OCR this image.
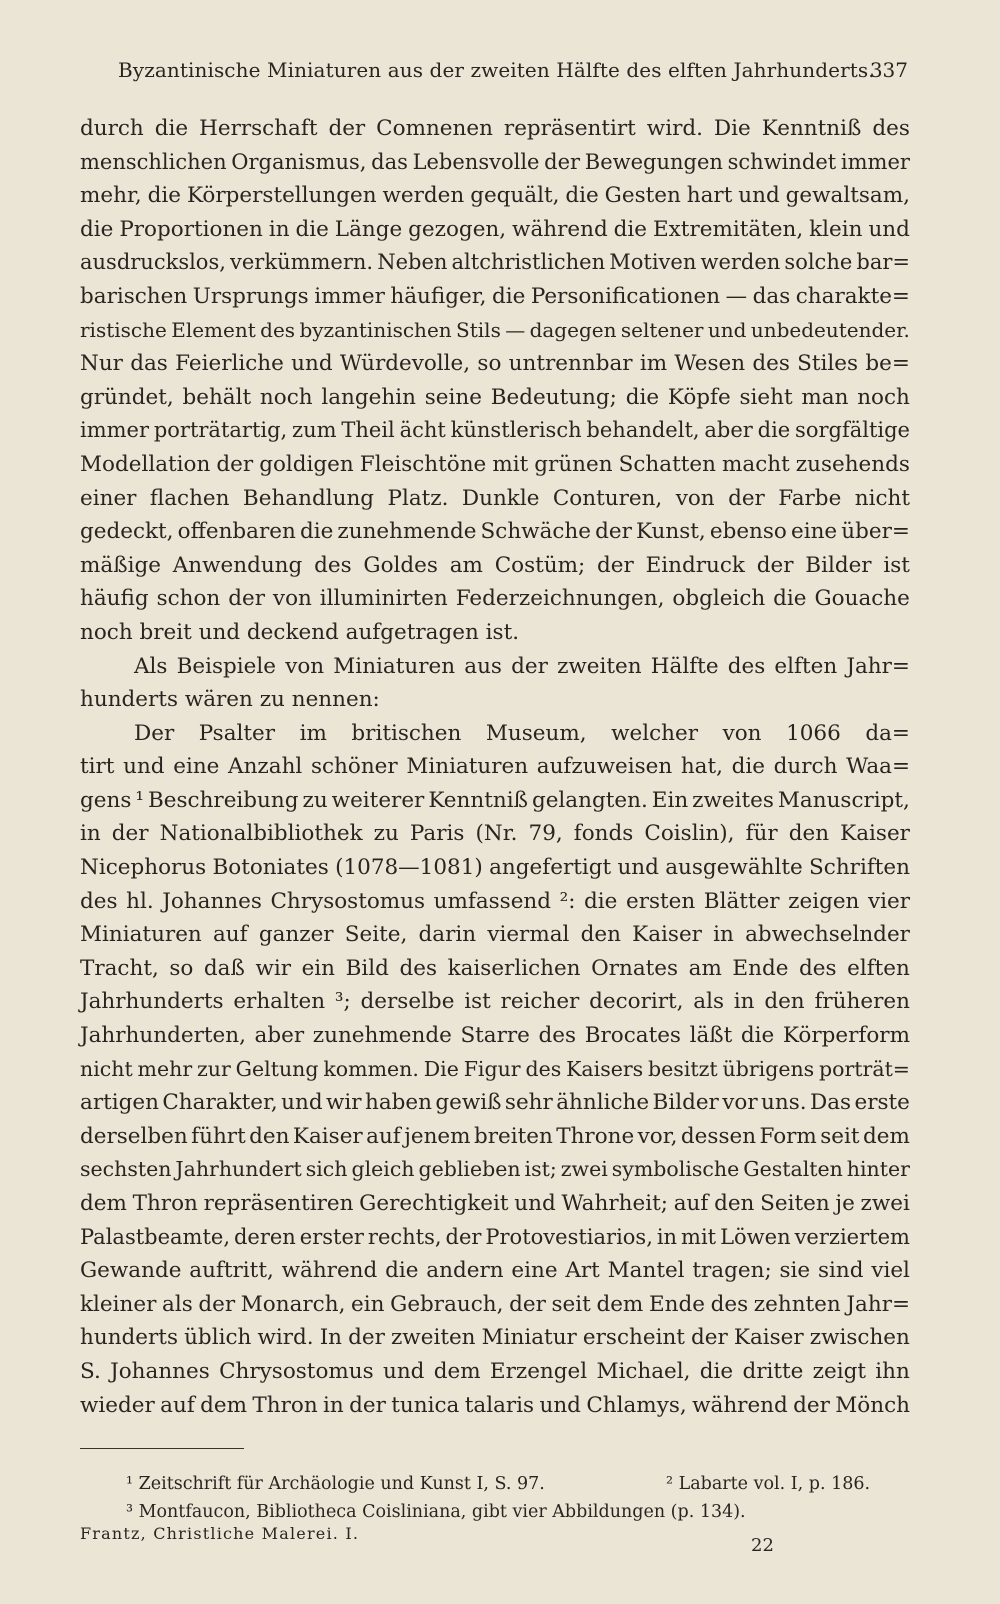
Byzantinische Miniaturen aus der zweiten Hälfte des elften Jahrhunderts.
337
durch die Herrschaft der Comnenen repräsentirt wird. Die Kenntniß des
menschlichen Organismus, das Lebensvolle der Bewegungen schwindet immer
mehr, die Körperstellungen werden gequält, die Gesten hart und gewaltsam,
die Proportionen in die Länge gezogen, während die Extremitäten, klein und
ausdruckslos, verkümmern. Neben altchristlichen Motiven werden solche bar=
barischen Ursprungs immer häufiger, die Personificationen — das charakte=
ristische Element des byzantinischen Stils — dagegen seltener und unbedeutender.
Nur das Feierliche und Würdevolle, so untrennbar im Wesen des Stiles be=
gründet, behält noch langehin seine Bedeutung; die Köpfe sieht man noch
immer porträtartig, zum Theil ächt künstlerisch behandelt, aber die sorgfältige
Modellation der goldigen Fleischtöne mit grünen Schatten macht zusehends
einer flachen Behandlung Platz. Dunkle Conturen, von der Farbe nicht
gedeckt, offenbaren die zunehmende Schwäche der Kunst, ebenso eine über=
mäßige Anwendung des Goldes am Costüm; der Eindruck der Bilder ist
häufig schon der von illuminirten Federzeichnungen, obgleich die Gouache
noch breit und deckend aufgetragen ist.
Als Beispiele von Miniaturen aus der zweiten Hälfte des elften Jahr=
hunderts wären zu nennen:
Der Psalter im britischen Museum, welcher von 1066 da=
tirt und eine Anzahl schöner Miniaturen aufzuweisen hat, die durch Waa=
gens ¹ Beschreibung zu weiterer Kenntniß gelangten. Ein zweites Manuscript,
in der Nationalbibliothek zu Paris (Nr. 79, fonds Coislin), für den Kaiser
Nicephorus Botoniates (1078—1081) angefertigt und ausgewählte Schriften
des hl. Johannes Chrysostomus umfassend ²: die ersten Blätter zeigen vier
Miniaturen auf ganzer Seite, darin viermal den Kaiser in abwechselnder
Tracht, so daß wir ein Bild des kaiserlichen Ornates am Ende des elften
Jahrhunderts erhalten ³; derselbe ist reicher decorirt, als in den früheren
Jahrhunderten, aber zunehmende Starre des Brocates läßt die Körperform
nicht mehr zur Geltung kommen. Die Figur des Kaisers besitzt übrigens porträt=
artigen Charakter, und wir haben gewiß sehr ähnliche Bilder vor uns. Das erste
derselben führt den Kaiser auf jenem breiten Throne vor, dessen Form seit dem
sechsten Jahrhundert sich gleich geblieben ist; zwei symbolische Gestalten hinter
dem Thron repräsentiren Gerechtigkeit und Wahrheit; auf den Seiten je zwei
Palastbeamte, deren erster rechts, der Protovestiarios, in mit Löwen verziertem
Gewande auftritt, während die andern eine Art Mantel tragen; sie sind viel
kleiner als der Monarch, ein Gebrauch, der seit dem Ende des zehnten Jahr=
hunderts üblich wird. In der zweiten Miniatur erscheint der Kaiser zwischen
S. Johannes Chrysostomus und dem Erzengel Michael, die dritte zeigt ihn
wieder auf dem Thron in der tunica talaris und Chlamys, während der Mönch
¹ Zeitschrift für Archäologie und Kunst I, S. 97.	² Labarte vol. I, p. 186.
³ Montfaucon, Bibliotheca Coisliniana, gibt vier Abbildungen (p. 134).
Frantz, Christliche Malerei. I.
22
